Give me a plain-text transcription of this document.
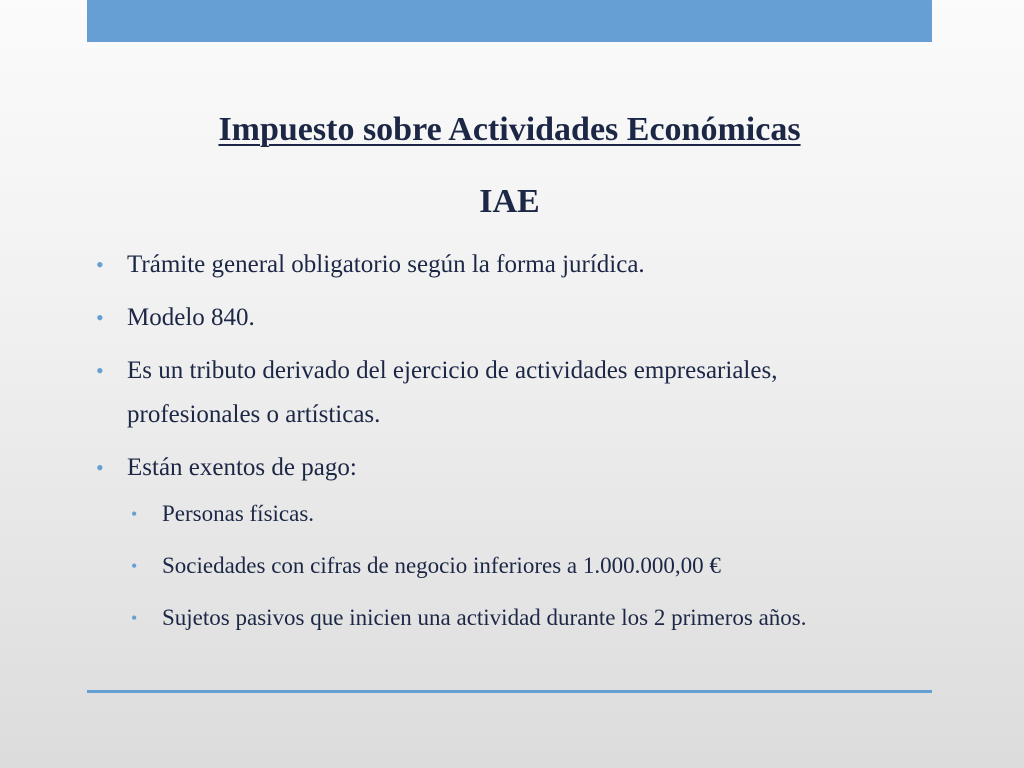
Impuesto sobre Actividades Económicas
IAE
• Trámite general obligatorio según la forma jurídica.
• Modelo 840.
• Es un tributo derivado del ejercicio de actividades empresariales, profesionales o artísticas.
• Están exentos de pago:
• Personas físicas.
• Sociedades con cifras de negocio inferiores a 1.000.000,00 €
• Sujetos pasivos que inicien una actividad durante los 2 primeros años.
